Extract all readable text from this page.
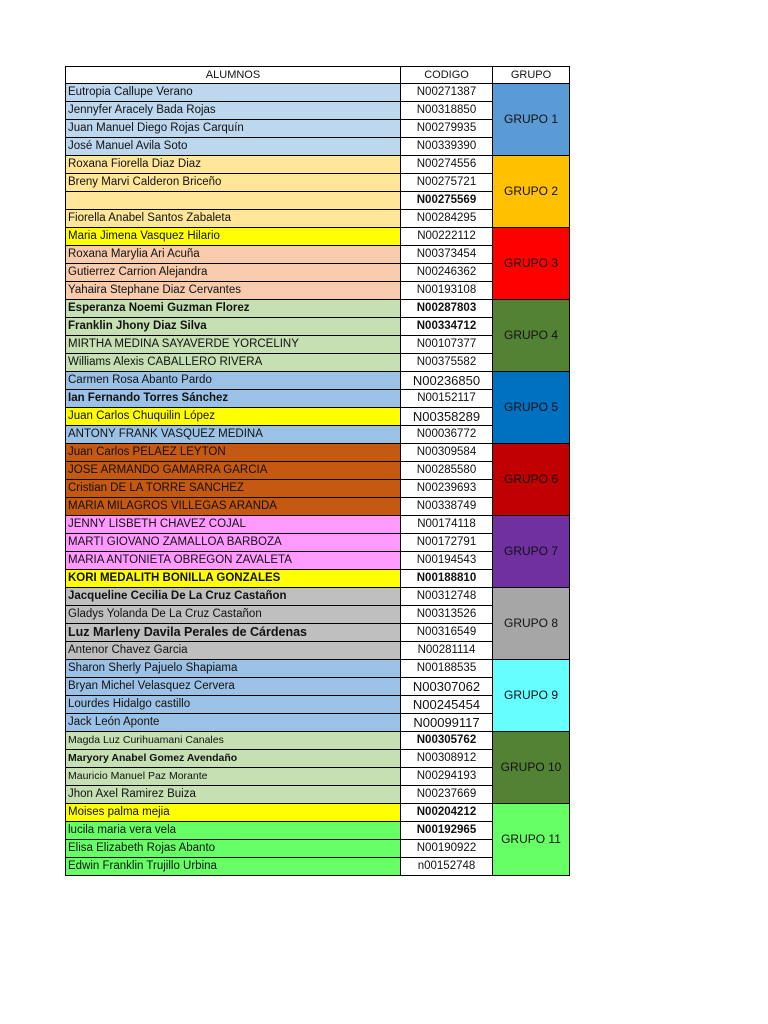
ALUMNOS	CODIGO	GRUPO
Eutropia Callupe Verano	N00271387	GRUPO 1
Jennyfer Aracely Bada Rojas	N00318850	
Juan Manuel Diego Rojas Carquín	N00279935	
José Manuel Avila Soto	N00339390	
Roxana Fiorella Diaz Diaz	N00274556	GRUPO 2
Breny Marvi Calderon Briceño	N00275721	
	N00275569	
Fiorella Anabel Santos Zabaleta	N00284295	
Maria Jimena Vasquez Hilario	N00222112	GRUPO 3
Roxana Marylia Ari Acuña	N00373454	
Gutierrez Carrion Alejandra	N00246362	
Yahaira Stephane Diaz Cervantes	N00193108	
Esperanza Noemi Guzman Florez	N00287803	GRUPO 4
Franklin Jhony Diaz Silva	N00334712	
MIRTHA MEDINA SAYAVERDE YORCELINY	N00107377	
Williams Alexis CABALLERO RIVERA	N00375582	
Carmen Rosa Abanto Pardo	N00236850	GRUPO 5
Ian Fernando Torres Sánchez	N00152117	
Juan Carlos Chuquilin López	N00358289	
ANTONY FRANK VASQUEZ MEDINA	N00036772	
Juan Carlos PELAEZ LEYTON	N00309584	GRUPO 6
JOSE ARMANDO GAMARRA GARCIA	N00285580	
Cristian DE LA TORRE SANCHEZ	N00239693	
MARIA MILAGROS VILLEGAS ARANDA	N00338749	
JENNY LISBETH CHAVEZ COJAL	N00174118	GRUPO 7
MARTI GIOVANO ZAMALLOA BARBOZA	N00172791	
MARIA ANTONIETA OBREGON ZAVALETA	N00194543	
KORI MEDALITH BONILLA GONZALES	N00188810	
Jacqueline Cecilia De La Cruz Castañon	N00312748	GRUPO 8
Gladys Yolanda De La Cruz Castañon	N00313526	
Luz Marleny Davila Perales de Cárdenas	N00316549	
Antenor Chavez Garcia	N00281114	
Sharon Sherly Pajuelo Shapiama	N00188535	GRUPO 9
Bryan Michel Velasquez Cervera	N00307062	
Lourdes Hidalgo castillo	N00245454	
Jack León Aponte	N00099117	
Magda Luz Curihuamani Canales	N00305762	GRUPO 10
Maryory Anabel Gomez Avendaño	N00308912	
Mauricio Manuel Paz Morante	N00294193	
Jhon Axel Ramirez Buiza	N00237669	
Moises palma mejia	N00204212	GRUPO 11
lucila maria vera vela	N00192965	
Elisa Elizabeth Rojas Abanto	N00190922	
Edwin Franklin Trujillo Urbina	n00152748	
